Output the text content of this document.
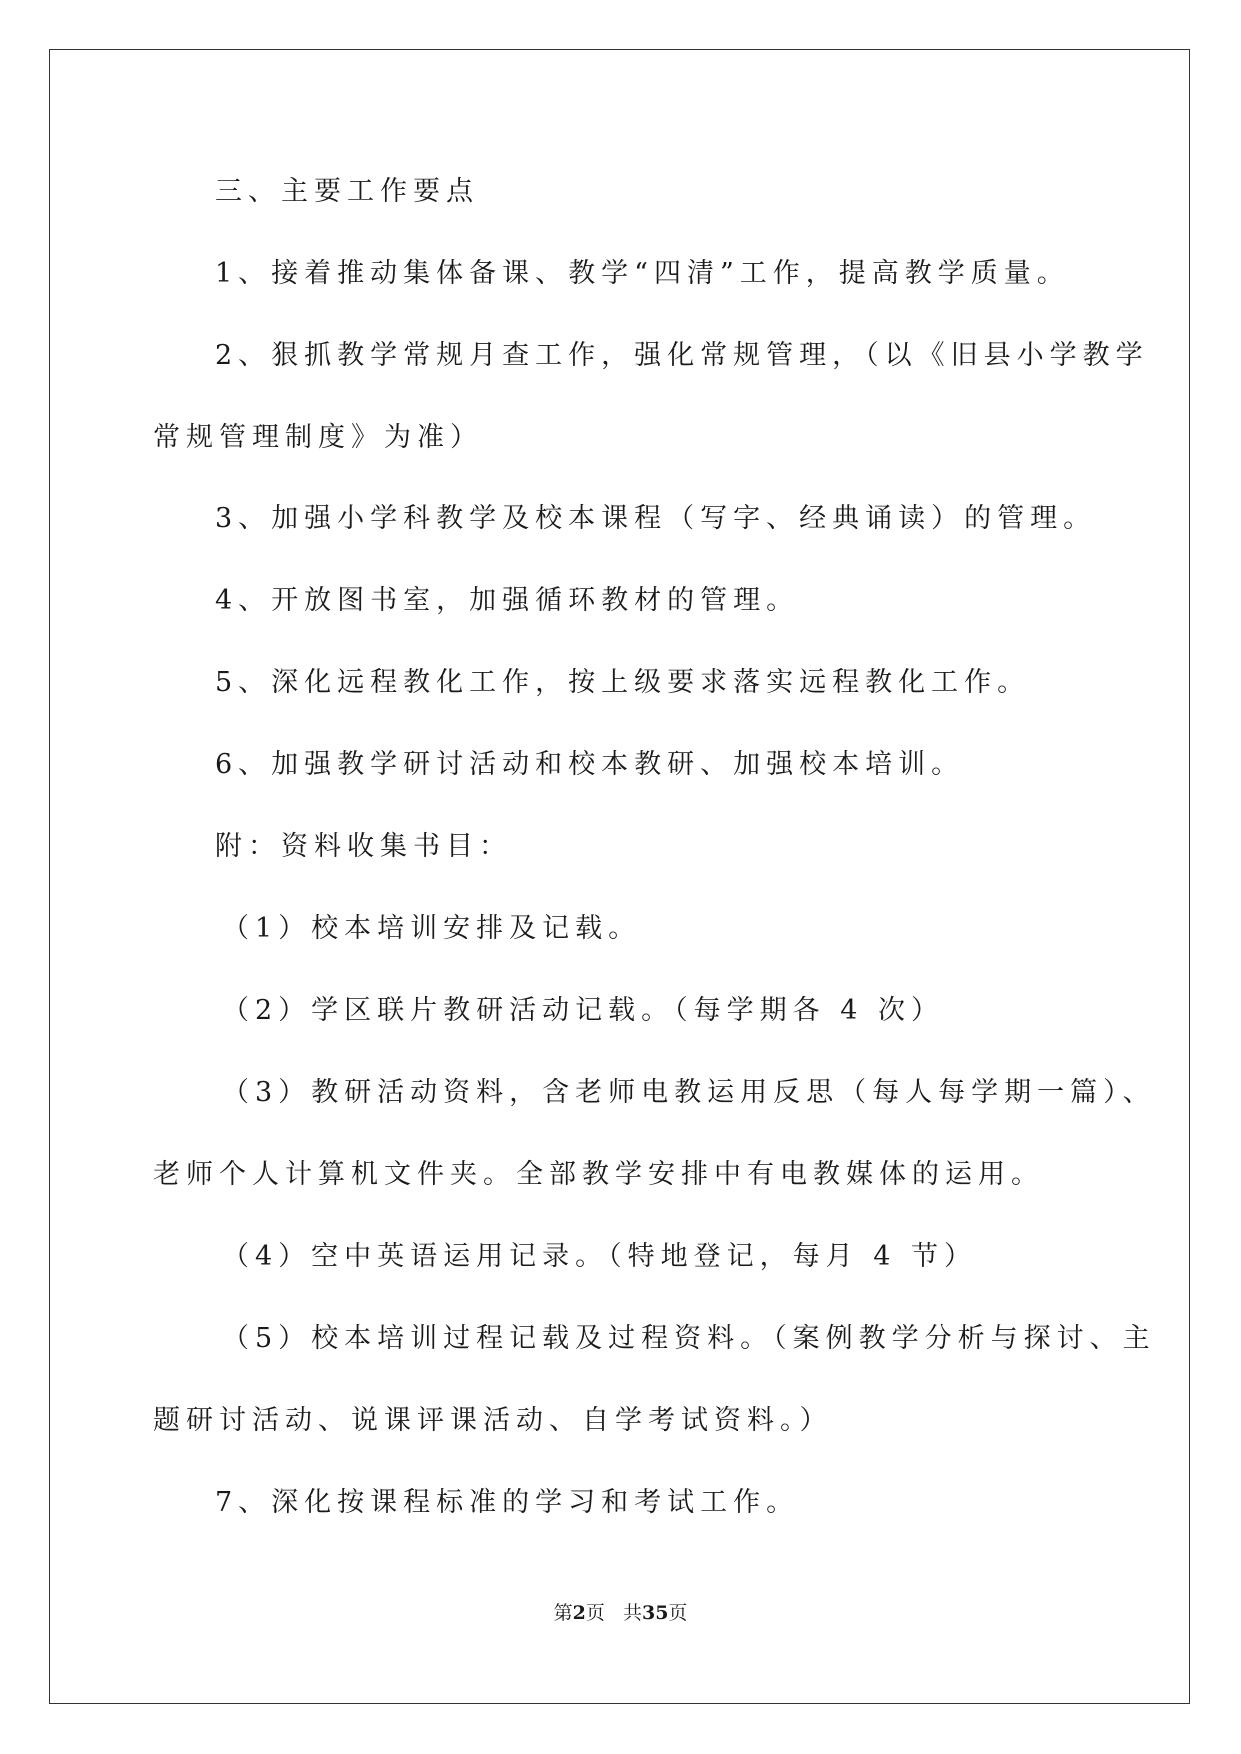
三、主要工作要点
1、接着推动集体备课、教学“四清”工作，提高教学质量。
2、狠抓教学常规月查工作，强化常规管理，（以《旧县小学教学
常规管理制度》为准）
3、加强小学科教学及校本课程（写字、经典诵读）的管理。
4、开放图书室，加强循环教材的管理。
5、深化远程教化工作，按上级要求落实远程教化工作。
6、加强教学研讨活动和校本教研、加强校本培训。
附：资料收集书目：
（1）校本培训安排及记载。
（2）学区联片教研活动记载。（每学期各 4 次）
（3）教研活动资料，含老师电教运用反思（每人每学期一篇）、
老师个人计算机文件夹。全部教学安排中有电教媒体的运用。
（4）空中英语运用记录。（特地登记，每月 4 节）
（5）校本培训过程记载及过程资料。（案例教学分析与探讨、主
题研讨活动、说课评课活动、自学考试资料。）
7、深化按课程标准的学习和考试工作。
第2页 共35页
